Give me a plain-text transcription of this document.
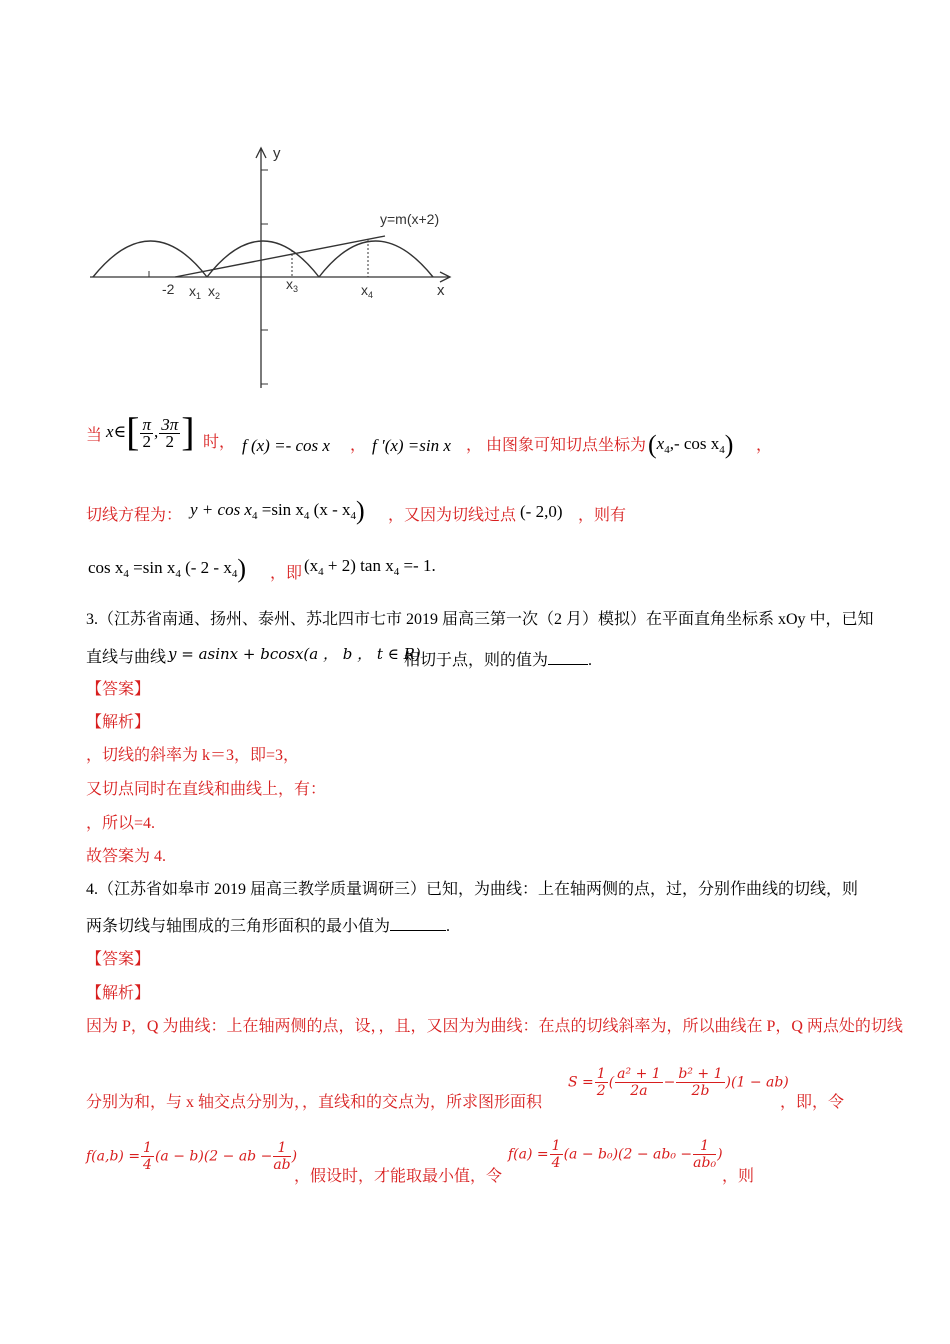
y
x
y=m(x+2)
-2 $x_1$ $x_2$
$x_3$	$x_4$
当 x∈[ $\frac{\pi}{2}$ , $\frac{3\pi}{2}$ ] 时， f (x) =- cos x ， f ′(x) =sin x ， 由图象可知切点坐标为 ($x_4,-$ $\cos x_4$) ，
切线方程为： $y + \cos x_4 =\sin$ $x_4$ $(x - x_4)$ ，又因为切线过点 (- 2,0) ，则有
$\cos x_4 =\sin$ $x_4$ (- $2 - x_4$) ，即 $(x_4 + 2)$ $\tan x_4 =- 1$.
3.（江苏省南通、扬州、泰州、苏北四市七市 2019 届高三第一次（2 月）模拟）在平面直角坐标系 xOy 中，已知
直线与曲线 y = asinx + bcosx(a ， b ， t ∈ R)
相切于点，则的值为	.
【答案】
【解析】
，切线的斜率为 k＝3，即=3，
又切点同时在直线和曲线上，有：
，所以=4.
故答案为 4.
4.（江苏省如皋市 2019 届高三教学质量调研三）已知，为曲线：上在轴两侧的点，过，分别作曲线的切线，则
两条切线与轴围成的三角形面积的最小值为	.
【答案】
【解析】
因为 P，Q 为曲线：上在轴两侧的点，设，，且，又因为为曲线：在点的切线斜率为，所以曲线在 P，Q 两点处的切线
分别为和，与 x 轴交点分别为，，直线和的交点为，所求图形面积
$S = \frac{1}{2}$ ( $\frac{\text{a² + 1}}{2a} - \frac{\text{b² + 1}}{2b} )(1 - ab)$
，即，令
$f(a,b) = \frac{1}{4} (a - b)(2$ − ab − $\frac{1}{ab}$ )
，假设时，才能取最小值，令
$f(a) = \frac{1}{4} (a - b_0)(2 - ab_0 - \frac{1}{\text{ab₀}}$ )
，则
